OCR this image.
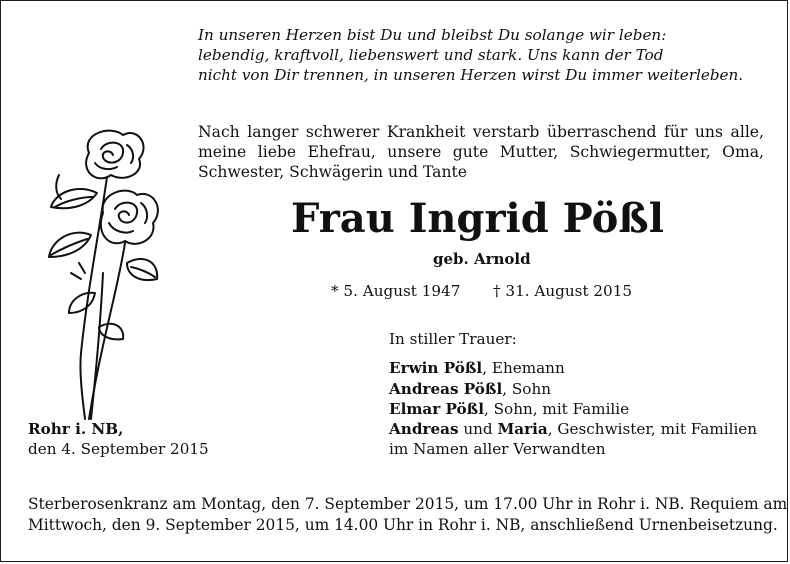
In unseren Herzen bist Du und bleibst Du solange wir leben:
lebendig, kraftvoll, liebenswert und stark. Uns kann der Tod
nicht von Dir trennen, in unseren Herzen wirst Du immer weiterleben.
Nach langer schwerer Krankheit verstarb überraschend für uns alle,
meine liebe Ehefrau, unsere gute Mutter, Schwiegermutter, Oma,
Schwester, Schwägerin und Tante
Frau Ingrid Pößl
geb. Arnold
* 5. August 1947 † 31. August 2015
In stiller Trauer:
Erwin Pößl, Ehemann
Andreas Pößl, Sohn
Elmar Pößl, Sohn, mit Familie
Andreas und Maria, Geschwister, mit Familien
im Namen aller Verwandten
Rohr i. NB,
den 4. September 2015
Sterberosenkranz am Montag, den 7. September 2015, um 17.00 Uhr in Rohr i. NB. Requiem am
Mittwoch, den 9. September 2015, um 14.00 Uhr in Rohr i. NB, anschließend Urnenbeisetzung.
